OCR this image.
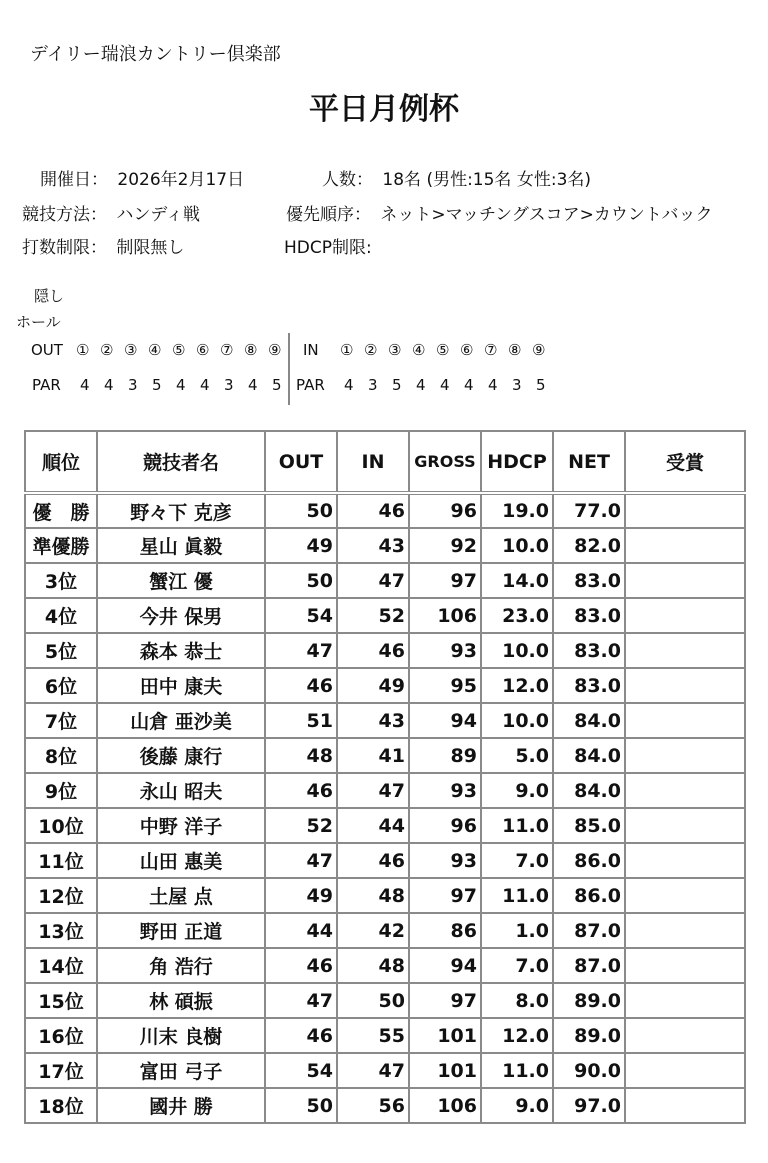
デイリー瑞浪カントリー倶楽部
平日月例杯
開催日： 2026年2月17日	人数： 18名 (男性:15名 女性:3名)
競技方法： ハンディ戦	優先順序： ネット>マッチングスコア>カウントバック
打数制限： 制限無し	HDCP制限:
隠し
ホール
OUT ① ② ③ ④ ⑤ ⑥ ⑦ ⑧ ⑨ IN ① ② ③ ④ ⑤ ⑥ ⑦ ⑧ ⑨
PAR 4 4 3 5 4 4 3 4 5 PAR 4 3 5 4 4 4 4 3 5
順位	競技者名	OUT	IN	GROSS	HDCP	NET	受賞
優　勝	野々下 克彦	50	46	96	19.0	77.0	
準優勝	星山 眞毅	49	43	92	10.0	82.0	
3位	蟹江 優	50	47	97	14.0	83.0	
4位	今井 保男	54	52	106	23.0	83.0	
5位	森本 恭士	47	46	93	10.0	83.0	
6位	田中 康夫	46	49	95	12.0	83.0	
7位	山倉 亜沙美	51	43	94	10.0	84.0	
8位	後藤 康行	48	41	89	5.0	84.0	
9位	永山 昭夫	46	47	93	9.0	84.0	
10位	中野 洋子	52	44	96	11.0	85.0	
11位	山田 惠美	47	46	93	7.0	86.0	
12位	土屋 点	49	48	97	11.0	86.0	
13位	野田 正道	44	42	86	1.0	87.0	
14位	角 浩行	46	48	94	7.0	87.0	
15位	林 碩振	47	50	97	8.0	89.0	
16位	川末 良樹	46	55	101	12.0	89.0	
17位	富田 弓子	54	47	101	11.0	90.0	
18位	國井 勝	50	56	106	9.0	97.0	
